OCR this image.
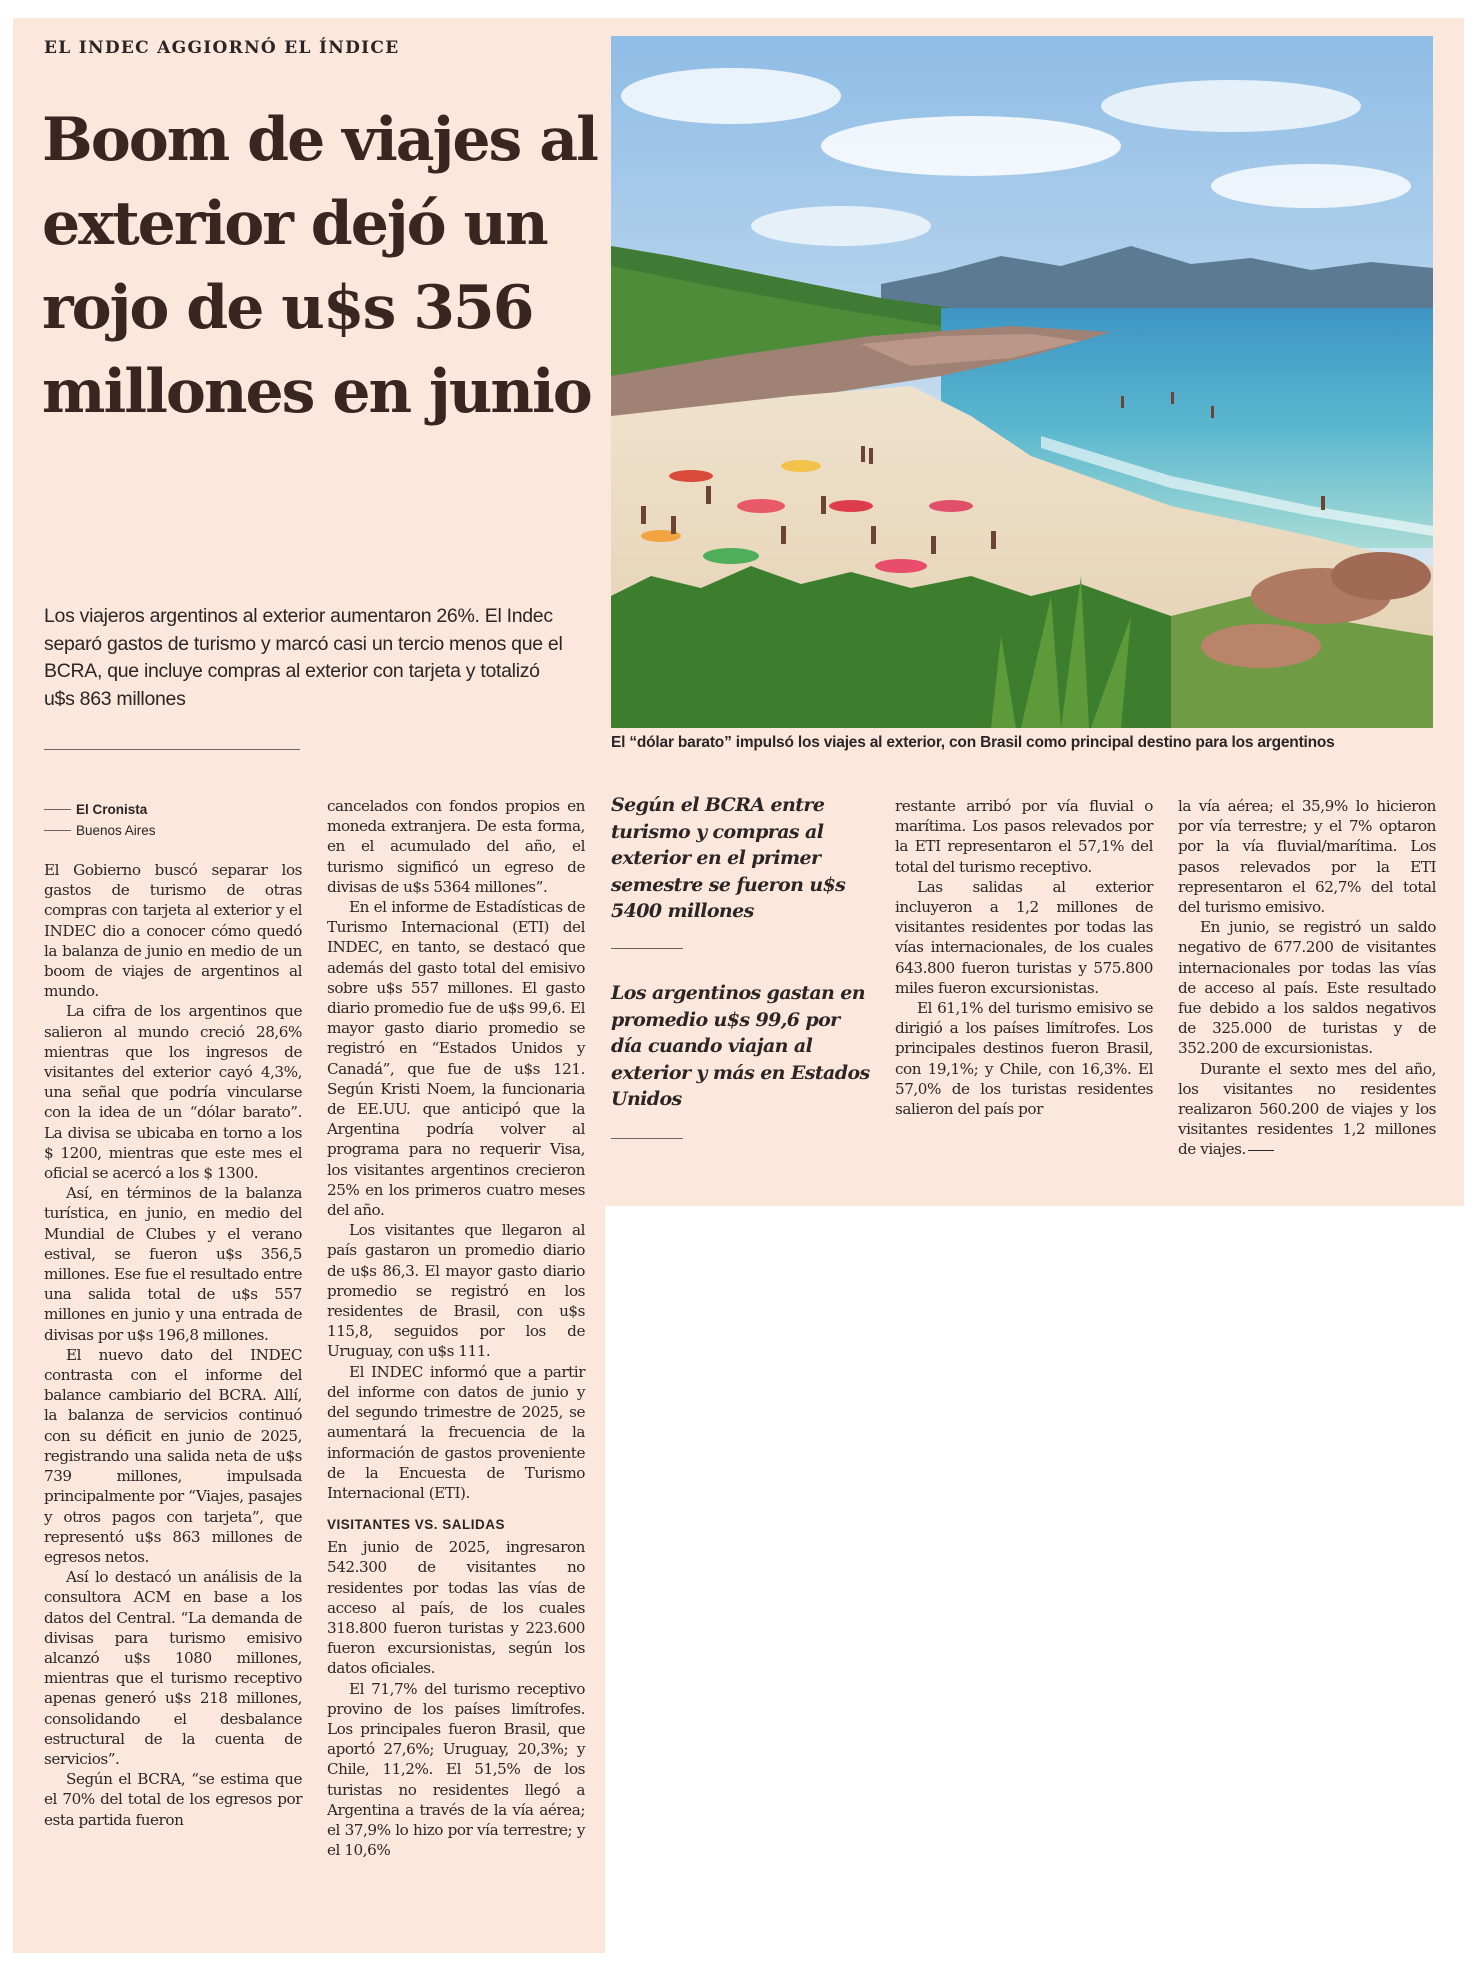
EL INDEC AGGIORNÓ EL ÍNDICE
Boom de viajes al exterior dejó un rojo de u$s 356 millones en junio

Los viajeros argentinos al exterior aumentaron 26%. El Indec separó gastos de turismo y marcó casi un tercio menos que el BCRA, que incluye compras al exterior con tarjeta y totalizó u$s 863 millones

El “dólar barato” impulsó los viajes al exterior, con Brasil como principal destino para los argentinos
El Cronista
Buenos Aires

El Gobierno buscó separar los gastos de turismo de otras compras con tarjeta al exterior y el INDEC dio a conocer cómo quedó la balanza de junio en medio de un boom de viajes de argentinos al mundo.

La cifra de los argentinos que salieron al mundo creció 28,6% mientras que los ingresos de visitantes del exterior cayó 4,3%, una señal que podría vincularse con la idea de un “dólar barato”. La divisa se ubicaba en torno a los $ 1200, mientras que este mes el oficial se acercó a los $ 1300.

Así, en términos de la balanza turística, en junio, en medio del Mundial de Clubes y el verano estival, se fueron u$s 356,5 millones. Ese fue el resultado entre una salida total de u$s 557 millones en junio y una entrada de divisas por u$s 196,8 millones.

El nuevo dato del INDEC contrasta con el informe del balance cambiario del BCRA. Allí, la balanza de servicios continuó con su déficit en junio de 2025, registrando una salida neta de u$s 739 millones, impulsada principalmente por “Viajes, pasajes y otros pagos con tarjeta”, que representó u$s 863 millones de egresos netos.

Así lo destacó un análisis de la consultora ACM en base a los datos del Central. “La demanda de divisas para turismo emisivo alcanzó u$s 1080 millones, mientras que el turismo receptivo apenas generó u$s 218 millones, consolidando el desbalance estructural de la cuenta de servicios”.

Según el BCRA, “se estima que el 70% del total de los egresos por esta partida fueron

cancelados con fondos propios en moneda extranjera. De esta forma, en el acumulado del año, el turismo significó un egreso de divisas de u$s 5364 millones”.

En el informe de Estadísticas de Turismo Internacional (ETI) del INDEC, en tanto, se destacó que además del gasto total del emisivo sobre u$s 557 millones. El gasto diario promedio fue de u$s 99,6. El mayor gasto diario promedio se registró en “Estados Unidos y Canadá”, que fue de u$s 121. Según Kristi Noem, la funcionaria de EE.UU. que anticipó que la Argentina podría volver al programa para no requerir Visa, los visitantes argentinos crecieron 25% en los primeros cuatro meses del año.

Los visitantes que llegaron al país gastaron un promedio diario de u$s 86,3. El mayor gasto diario promedio se registró en los residentes de Brasil, con u$s 115,8, seguidos por los de Uruguay, con u$s 111.

El INDEC informó que a partir del informe con datos de junio y del segundo trimestre de 2025, se aumentará la frecuencia de la información de gastos proveniente de la Encuesta de Turismo Internacional (ETI).

VISITANTES VS. SALIDAS

En junio de 2025, ingresaron 542.300 de visitantes no residentes por todas las vías de acceso al país, de los cuales 318.800 fueron turistas y 223.600 fueron excursionistas, según los datos oficiales.

El 71,7% del turismo receptivo provino de los países limítrofes. Los principales fueron Brasil, que aportó 27,6%; Uruguay, 20,3%; y Chile, 11,2%. El 51,5% de los turistas no residentes llegó a Argentina a través de la vía aérea; el 37,9% lo hizo por vía terrestre; y el 10,6%

Según el BCRA entre turismo y compras al exterior en el primer semestre se fueron u$s 5400 millones

Los argentinos gastan en promedio u$s 99,6 por día cuando viajan al exterior y más en Estados Unidos

restante arribó por vía fluvial o marítima. Los pasos relevados por la ETI representaron el 57,1% del total del turismo receptivo.

Las salidas al exterior incluyeron a 1,2 millones de visitantes residentes por todas las vías internacionales, de los cuales 643.800 fueron turistas y 575.800 miles fueron excursionistas.

El 61,1% del turismo emisivo se dirigió a los países limítrofes. Los principales destinos fueron Brasil, con 19,1%; y Chile, con 16,3%. El 57,0% de los turistas residentes salieron del país por

la vía aérea; el 35,9% lo hicieron por vía terrestre; y el 7% optaron por la vía fluvial/marítima. Los pasos relevados por la ETI representaron el 62,7% del total del turismo emisivo.

En junio, se registró un saldo negativo de 677.200 de visitantes internacionales por todas las vías de acceso al país. Este resultado fue debido a los saldos negativos de 325.000 de turistas y de 352.200 de excursionistas.

Durante el sexto mes del año, los visitantes no residentes realizaron 560.200 de viajes y los visitantes residentes 1,2 millones de viajes.
